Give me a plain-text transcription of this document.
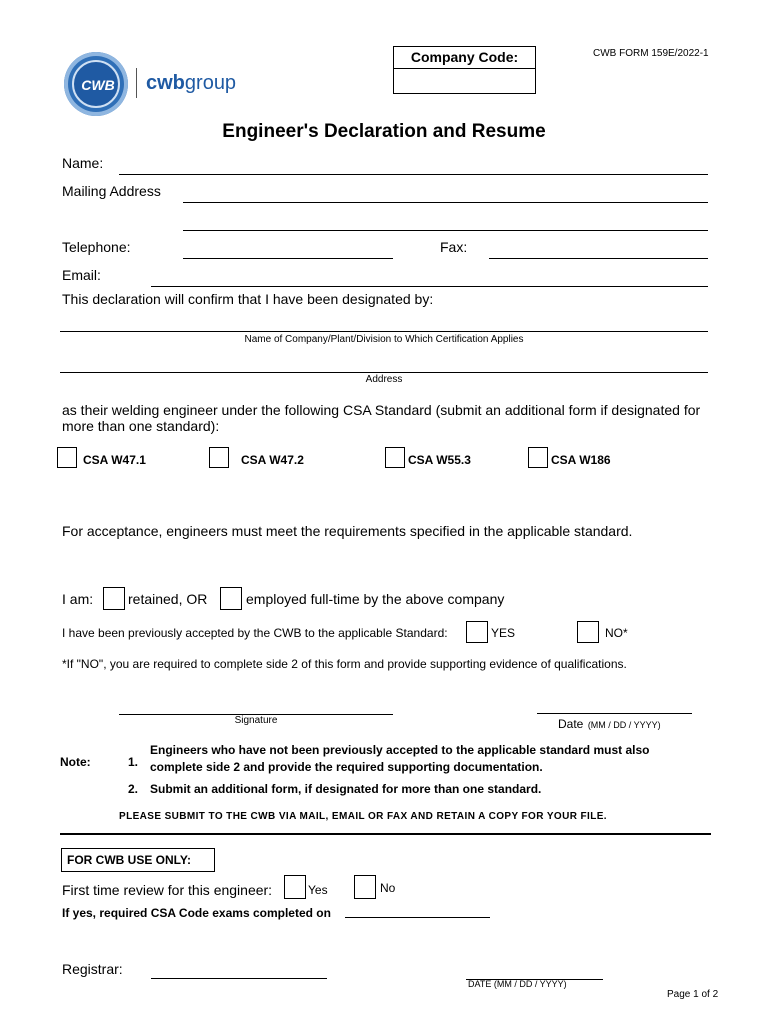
CWB	cwbgroup
Company Code:	CWB FORM 159E/2022-1
Engineer's Declaration and Resume
Name:
Mailing Address
Telephone:	Fax:
Email:
This declaration will confirm that I have been designated by:
Name of Company/Plant/Division to Which Certification Applies
Address
as their welding engineer under the following CSA Standard (submit an additional form if designated for
more than one standard):
CSA W47.1	CSA W47.2	CSA W55.3	CSA W186
For acceptance, engineers must meet the requirements specified in the applicable standard.
I am: retained, OR	employed full-time by the above company
I have been previously accepted by the CWB to the applicable Standard:	YES	NO*
*If "NO", you are required to complete side 2 of this form and provide supporting evidence of qualifications.
Signature	Date (MM / DD / YYYY)
Note:	1.
Engineers who have not been previously accepted to the applicable standard must also
complete side 2 and provide the required supporting documentation.
2. Submit an additional form, if designated for more than one standard.
PLEASE SUBMIT TO THE CWB VIA MAIL, EMAIL OR FAX AND RETAIN A COPY FOR YOUR FILE.
FOR CWB USE ONLY:
First time review for this engineer:	Yes	No
If yes, required CSA Code exams completed on
Registrar:
DATE (MM / DD / YYYY)
Page 1 of 2
